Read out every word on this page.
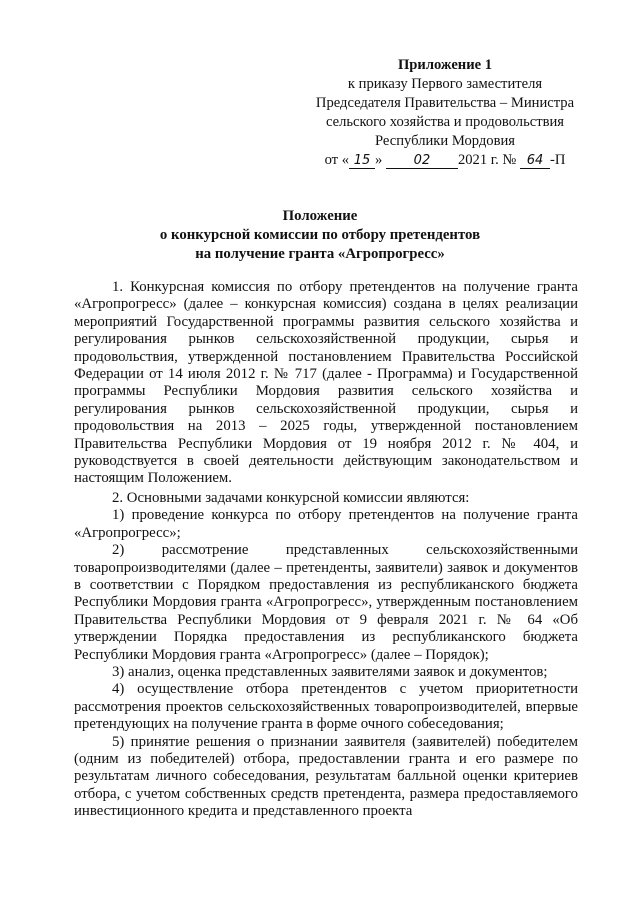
Приложение 1
к приказу Первого заместителя
Председателя Правительства – Министра
сельского хозяйства и продовольствия
Республики Мордовия
от « 15 » 02 2021 г. № 64 -П
Положение
о конкурсной комиссии по отбору претендентов
на получение гранта «Агропрогресс»

1. Конкурсная комиссия по отбору претендентов на получение гранта «Агропрогресс» (далее – конкурсная комиссия) создана в целях реализации мероприятий Государственной программы развития сельского хозяйства и регулирования рынков сельскохозяйственной продукции, сырья и продовольствия, утвержденной постановлением Правительства Российской Федерации от 14 июля 2012 г. № 717 (далее - Программа) и Государственной программы Республики Мордовия развития сельского хозяйства и регулирования рынков сельскохозяйственной продукции, сырья и продовольствия на 2013 – 2025 годы, утвержденной постановлением Правительства Республики Мордовия от 19 ноября 2012 г. № 404, и руководствуется в своей деятельности действующим законодательством и настоящим Положением.

2. Основными задачами конкурсной комиссии являются:

1) проведение конкурса по отбору претендентов на получение гранта «Агропрогресс»;

2) рассмотрение представленных сельскохозяйственными товаропроизводителями (далее – претенденты, заявители) заявок и документов в соответствии с Порядком предоставления из республиканского бюджета Республики Мордовия гранта «Агропрогресс», утвержденным постановлением Правительства Республики Мордовия от 9 февраля 2021 г. № 64 «Об утверждении Порядка предоставления из республиканского бюджета Республики Мордовия гранта «Агропрогресс» (далее – Порядок);

3) анализ, оценка представленных заявителями заявок и документов;

4) осуществление отбора претендентов с учетом приоритетности рассмотрения проектов сельскохозяйственных товаропроизводителей, впервые претендующих на получение гранта в форме очного собеседования;

5) принятие решения о признании заявителя (заявителей) победителем (одним из победителей) отбора, предоставлении гранта и его размере по результатам личного собеседования, результатам балльной оценки критериев отбора, с учетом собственных средств претендента, размера предоставляемого инвестиционного кредита и представленного проекта
